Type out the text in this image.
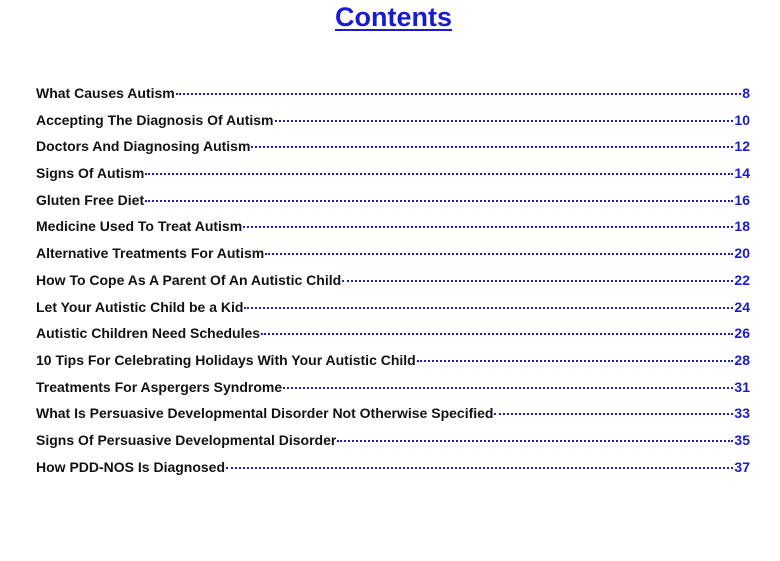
Contents
What Causes Autism	8
Accepting The Diagnosis Of Autism	10
Doctors And Diagnosing Autism	12
Signs Of Autism	14
Gluten Free Diet	16
Medicine Used To Treat Autism	18
Alternative Treatments For Autism	20
How To Cope As A Parent Of An Autistic Child	22
Let Your Autistic Child be a Kid	24
Autistic Children Need Schedules	26
10 Tips For Celebrating Holidays With Your Autistic Child	28
Treatments For Aspergers Syndrome	31
What Is Persuasive Developmental Disorder Not Otherwise Specified	33
Signs Of Persuasive Developmental Disorder	35
How PDD-NOS Is Diagnosed	37
